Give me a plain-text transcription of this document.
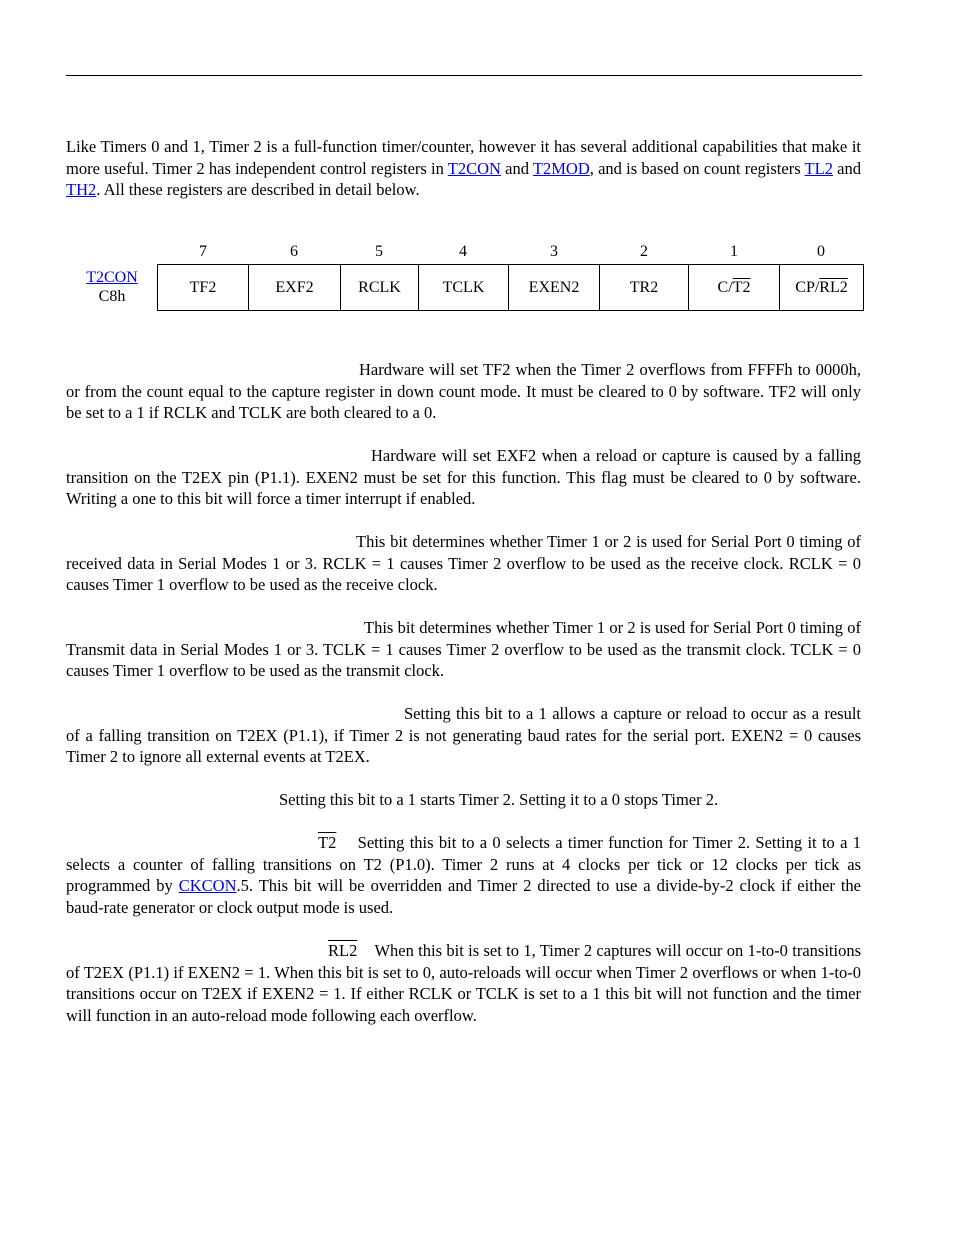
Like Timers 0 and 1, Timer 2 is a full-function timer/counter, however it has several additional capabilities that make it more useful. Timer 2 has independent control registers in T2CON and T2MOD, and is based on count registers TL2 and TH2. All these registers are described in detail below.

7	6	5	4	3	2	1	0
T2CON
C8h
TF2	EXF2	RCLK	TCLK	EXEN2	TR2	C/T2	CP/RL2

Hardware will set TF2 when the Timer 2 overflows from FFFFh to 0000h, or from the count equal to the capture register in down count mode. It must be cleared to 0 by software. TF2 will only be set to a 1 if RCLK and TCLK are both cleared to a 0.

Hardware will set EXF2 when a reload or capture is caused by a falling transition on the T2EX pin (P1.1). EXEN2 must be set for this function. This flag must be cleared to 0 by software. Writing a one to this bit will force a timer interrupt if enabled.

This bit determines whether Timer 1 or 2 is used for Serial Port 0 timing of received data in Serial Modes 1 or 3. RCLK = 1 causes Timer 2 overflow to be used as the receive clock. RCLK = 0 causes Timer 1 overflow to be used as the receive clock.

This bit determines whether Timer 1 or 2 is used for Serial Port 0 timing of Transmit data in Serial Modes 1 or 3. TCLK = 1 causes Timer 2 overflow to be used as the transmit clock. TCLK = 0 causes Timer 1 overflow to be used as the transmit clock.

Setting this bit to a 1 allows a capture or reload to occur as a result of a falling transition on T2EX (P1.1), if Timer 2 is not generating baud rates for the serial port. EXEN2 = 0 causes Timer 2 to ignore all external events at T2EX.

Setting this bit to a 1 starts Timer 2. Setting it to a 0 stops Timer 2.

T2 Setting this bit to a 0 selects a timer function for Timer 2. Setting it to a 1 selects a counter of falling transitions on T2 (P1.0). Timer 2 runs at 4 clocks per tick or 12 clocks per tick as programmed by CKCON.5. This bit will be overridden and Timer 2 directed to use a divide-by-2 clock if either the baud-rate generator or clock output mode is used.

RL2 When this bit is set to 1, Timer 2 captures will occur on 1-to-0 transitions of T2EX (P1.1) if EXEN2 = 1. When this bit is set to 0, auto-reloads will occur when Timer 2 overflows or when 1-to-0 transitions occur on T2EX if EXEN2 = 1. If either RCLK or TCLK is set to a 1 this bit will not function and the timer will function in an auto-reload mode following each overflow.
